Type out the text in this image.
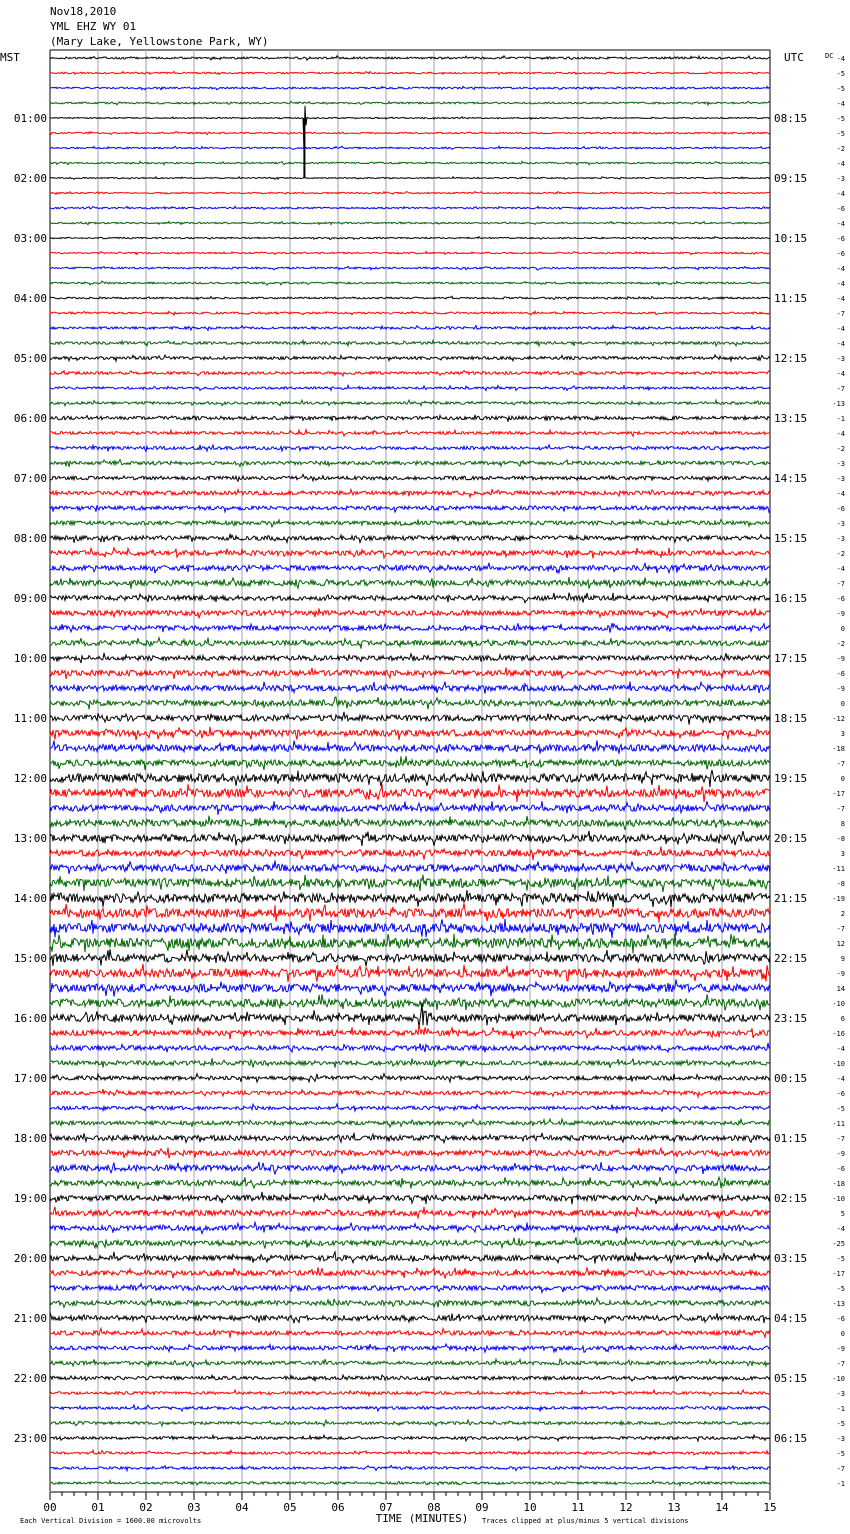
Nov18,2010
YML EHZ WY 01
(Mary Lake, Yellowstone Park, WY)
MST	UTC	DC
01:00
02:00
03:00
04:00
05:00
06:00
07:00
08:00
09:00
10:00
11:00
12:00
13:00
14:00
15:00
16:00
17:00
18:00
19:00
20:00
21:00
22:00
23:00
08:15
09:15
10:15
11:15
12:15
13:15
14:15
15:15
16:15
17:15
18:15
19:15
20:15
21:15
22:15
23:15
00:15
01:15
02:15
03:15
04:15
05:15
06:15
-4
-5
-5
-4
-5
-5
-2
-4
-3
-4
-6
-4
-6
-6
-4
-4
-4
-7
-4
-4
-3
-4
-7
-13
-1
-4
-2
-3
-3
-4
-6
-3
-3
-2
-4
-7
-6
-9
0
-2
-9
-6
-9
0
-12
3
-18
-7
0
-17
-7
8
-8
3
-11
-8
-19
2
-7
12
9
-9
14
-10
6
-16
-4
-10
-4
-6
-5
-11
-7
-9
-6
-18
-10
5
-4
-25
-5
-17
-5
-13
-6
0
-9
-7
-10
-3
-1
-5
-3
-5
-7
-1
00	01	02	03	04	05	06	07	08	09	10	11	12	13	14	15
TIME (MINUTES)
Each Vertical Division = 1600.00 microvolts	Traces clipped at plus/minus 5 vertical divisions
